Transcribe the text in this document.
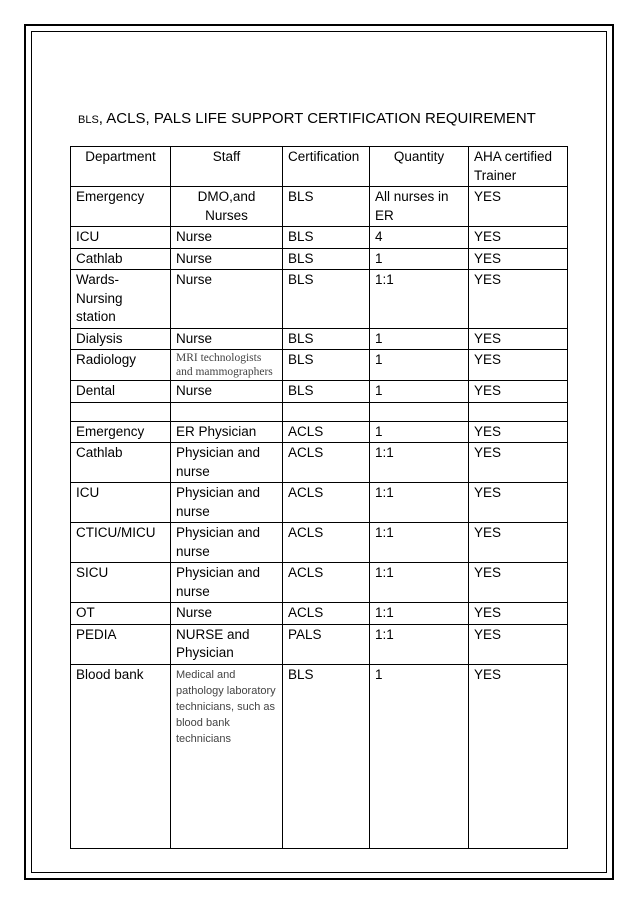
BLS, ACLS, PALS LIFE SUPPORT CERTIFICATION REQUIREMENT
Department	Staff	Certification	Quantity	AHA certified Trainer
Emergency	DMO,and Nurses	BLS	All nurses in ER	YES
ICU	Nurse	BLS	4	YES
Cathlab	Nurse	BLS	1	YES
Wards-Nursing station	Nurse	BLS	1:1	YES
Dialysis	Nurse	BLS	1	YES
Radiology	MRI technologists and mammographers	BLS	1	YES
Dental	Nurse	BLS	1	YES

Emergency	ER Physician	ACLS	1	YES
Cathlab	Physician and nurse	ACLS	1:1	YES
ICU	Physician and nurse	ACLS	1:1	YES
CTICU/MICU	Physician and nurse	ACLS	1:1	YES
SICU	Physician and nurse	ACLS	1:1	YES
OT	Nurse	ACLS	1:1	YES
PEDIA	NURSE and Physician	PALS	1:1	YES
Blood bank	Medical and pathology laboratory technicians, such as blood bank technicians	BLS	1	YES
